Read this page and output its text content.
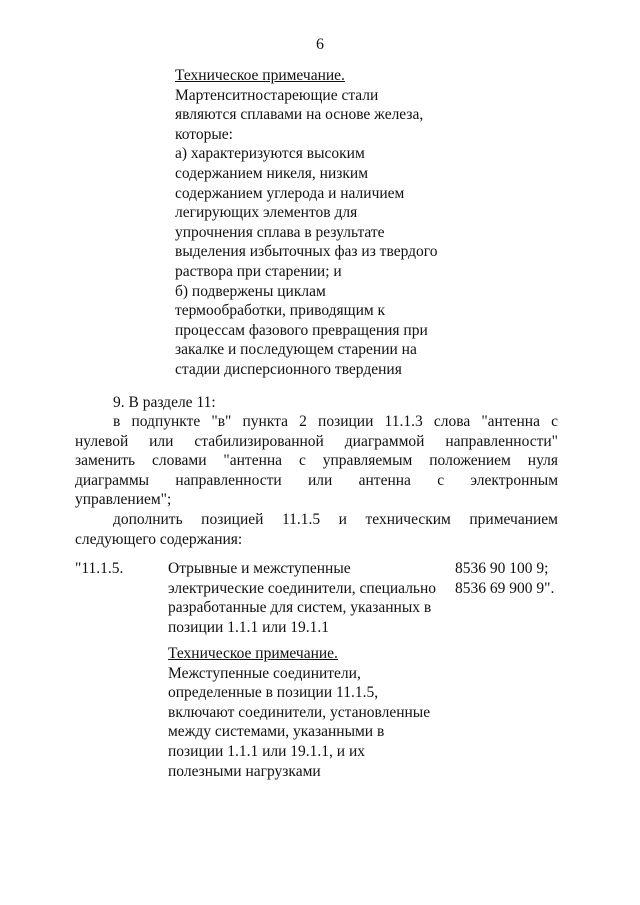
6
Техническое примечание.
Мартенситностареющие стали
являются сплавами на основе железа,
которые:
а) характеризуются высоким
содержанием никеля, низким
содержанием углерода и наличием
легирующих элементов для
упрочнения сплава в результате
выделения избыточных фаз из твердого
раствора при старении; и
б) подвержены циклам
термообработки, приводящим к
процессам фазового превращения при
закалке и последующем старении на
стадии дисперсионного твердения
9. В разделе 11:
в подпункте "в" пункта 2 позиции 11.1.3 слова "антенна с
нулевой или стабилизированной диаграммой направленности"
заменить словами "антенна с управляемым положением нуля
диаграммы направленности или антенна с электронным
управлением";
дополнить позицией 11.1.5 и техническим примечанием
следующего содержания:
"11.1.5.	Отрывные и межступенные
электрические соединители, специально
разработанные для систем, указанных в
позиции 1.1.1 или 19.1.1
8536 90 100 9;
8536 69 900 9".
Техническое примечание.
Межступенные соединители,
определенные в позиции 11.1.5,
включают соединители, установленные
между системами, указанными в
позиции 1.1.1 или 19.1.1, и их
полезными нагрузками
